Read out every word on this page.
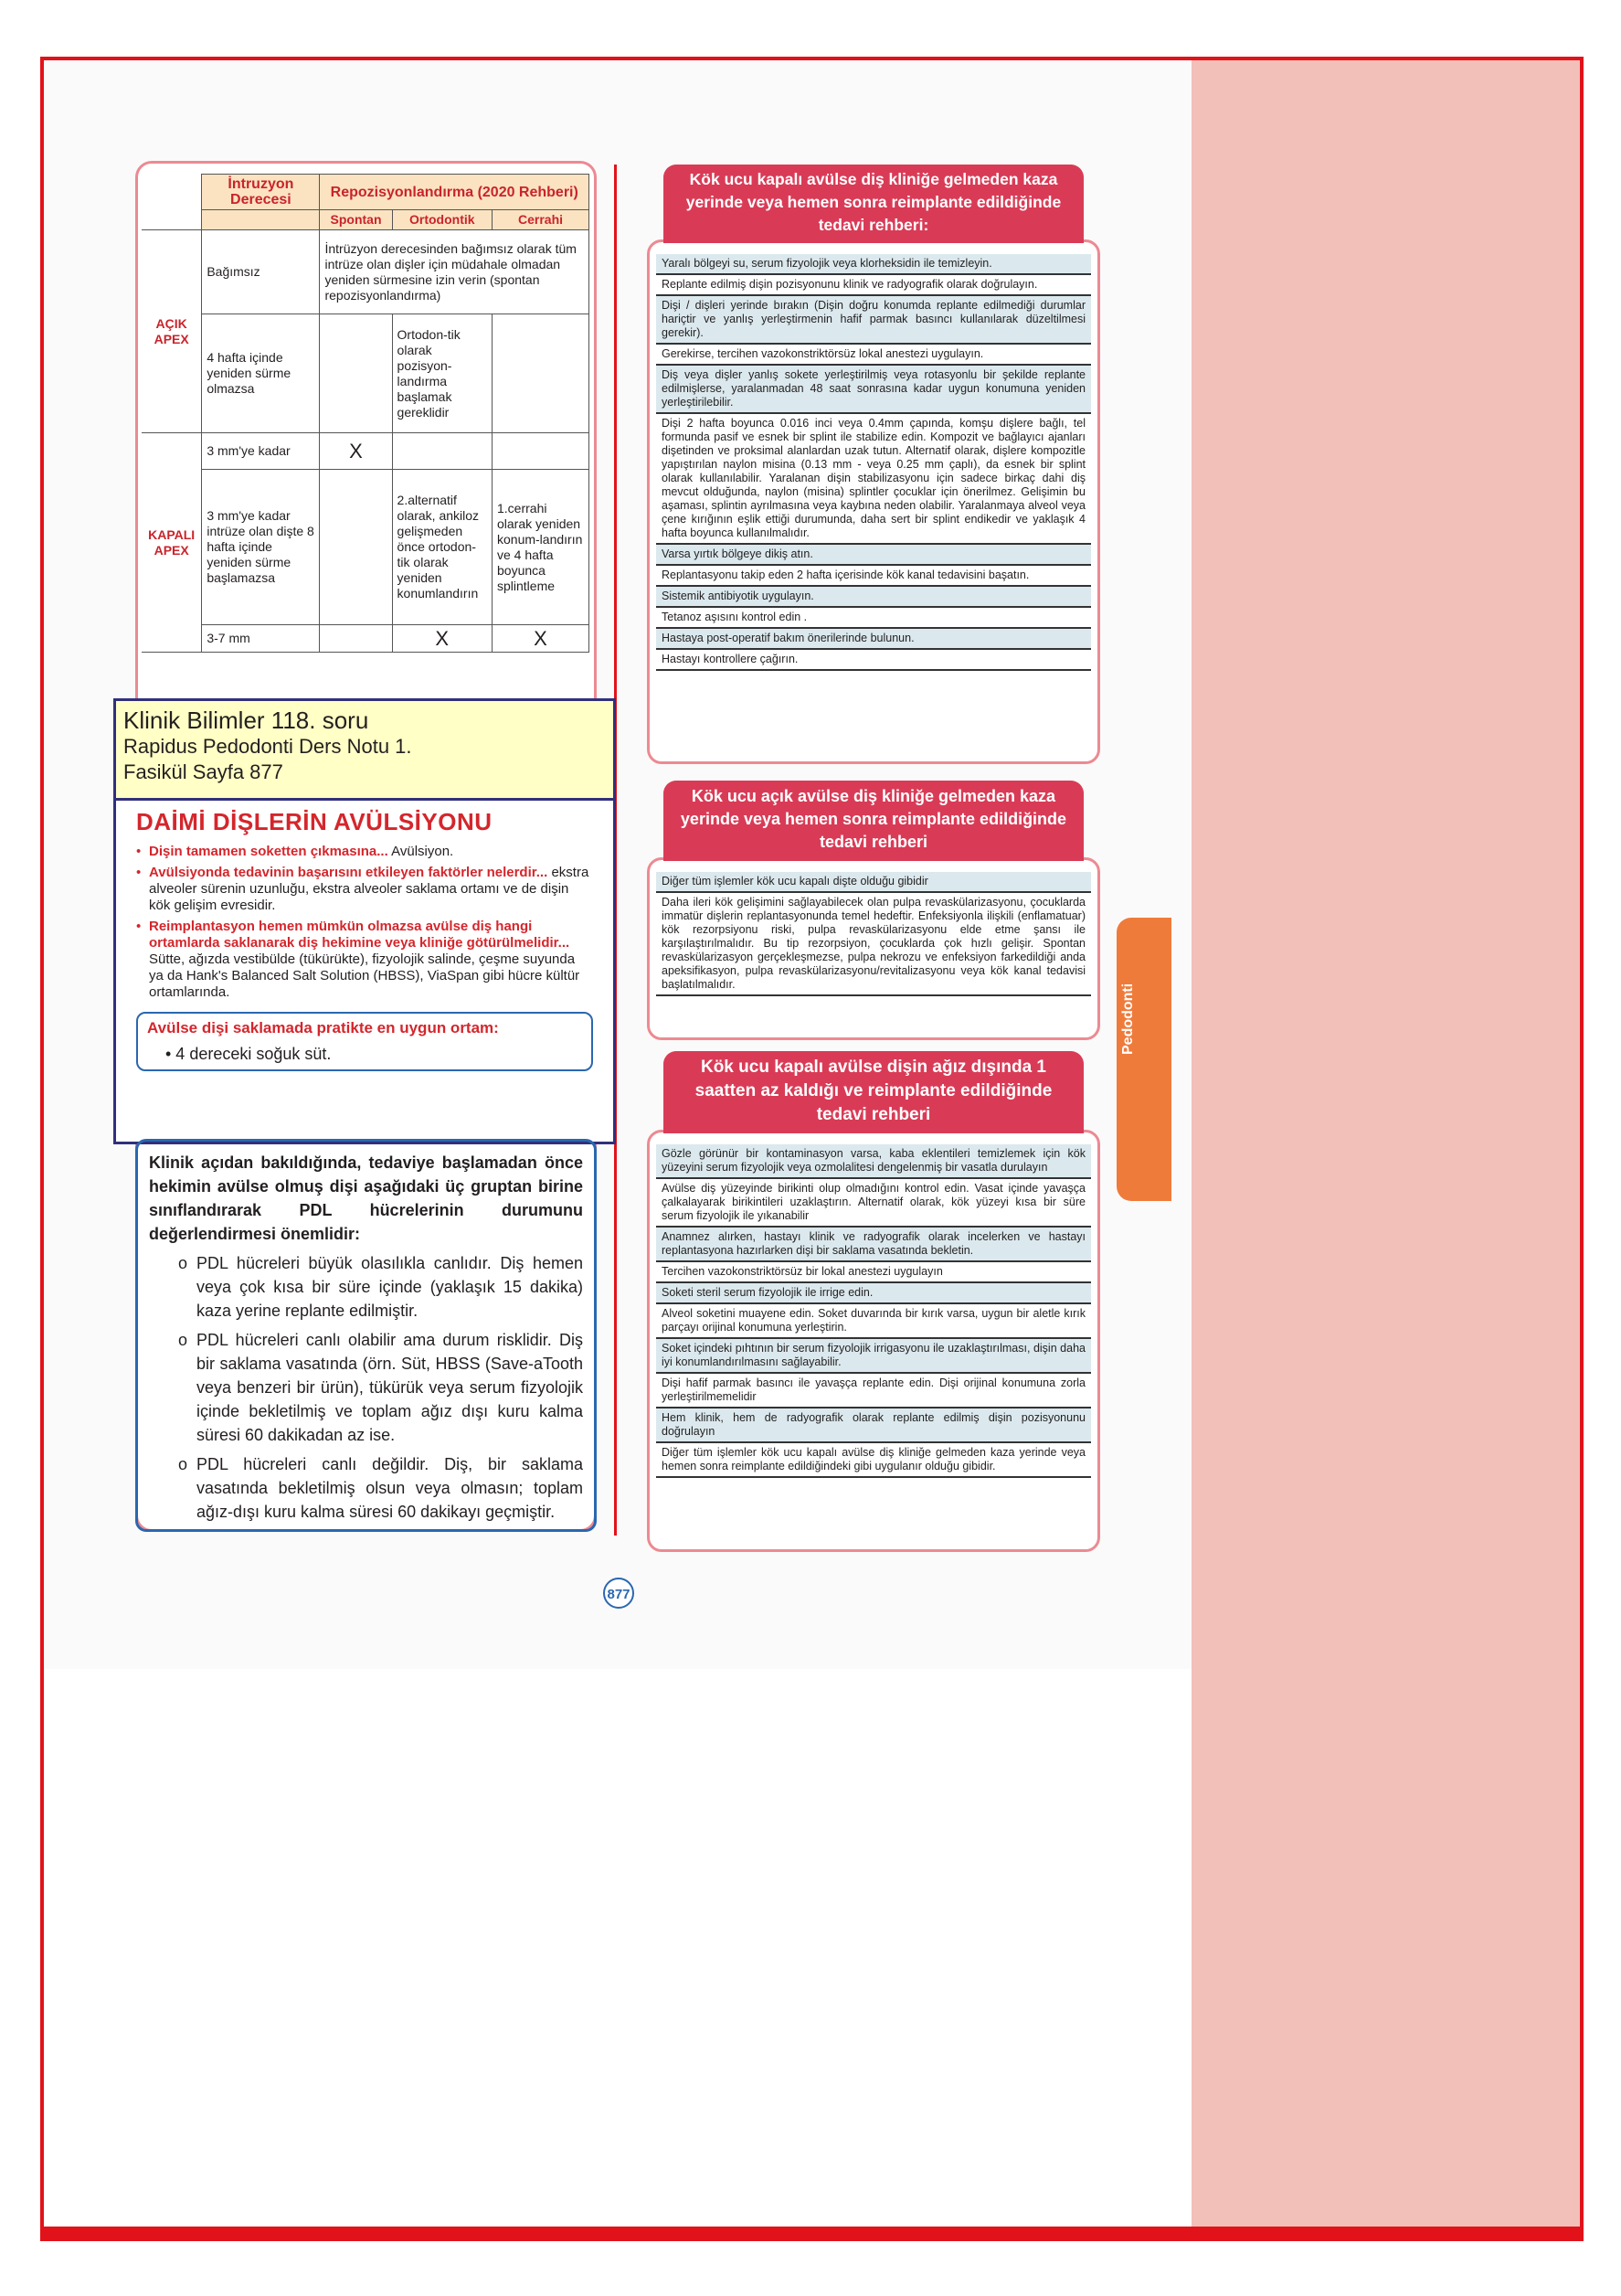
	İntruzyon Derecesi	Repozisyonlandırma (2020 Rehberi)		
		Spontan	Ortodontik	Cerrahi
AÇIK APEX	Bağımsız	İntrüzyon derecesinden bağımsız olarak tüm intrüze olan dişler için müdahale olmadan yeniden sürmesine izin verin (spontan repozisyonlandırma)		
	4 hafta içinde yeniden sürme olmazsa		Ortodon-tik olarak pozisyon-landırma başlamak gereklidir	
KAPALI APEX	3 mm'ye kadar	X		
	3 mm'ye kadar intrüze olan dişte 8 hafta içinde yeniden sürme başlamazsa		2.alternatif olarak, ankiloz gelişmeden önce ortodon-tik olarak yeniden konumlandırın	1.cerrahi olarak yeniden konum-landırın ve 4 hafta boyunca splintleme
	3-7 mm		X	X
Klinik Bilimler 118. soru
Rapidus Pedodonti Ders Notu 1.
Fasikül Sayfa 877
DAİMİ DİŞLERİN AVÜLSİYONU
• Dişin tamamen soketten çıkmasına... Avülsiyon.
• Avülsiyonda tedavinin başarısını etkileyen faktörler nelerdir... ekstra alveoler sürenin uzunluğu, ekstra alveoler saklama ortamı ve de dişin kök gelişim evresidir.
• Reimplantasyon hemen mümkün olmazsa avülse diş hangi ortamlarda saklanarak diş hekimine veya kliniğe götürülmelidir... Sütte, ağızda vestibülde (tükürükte), fizyolojik salinde, çeşme suyunda ya da Hank's Balanced Salt Solution (HBSS), ViaSpan gibi hücre kültür ortamlarında.
Avülse dişi saklamada pratikte en uygun ortam:
• 4 dereceki soğuk süt.
Klinik açıdan bakıldığında, tedaviye başlamadan önce hekimin avülse olmuş dişi aşağıdaki üç gruptan birine sınıflandırarak PDL hücrelerinin durumunu değerlendirmesi önemlidir:
o PDL hücreleri büyük olasılıkla canlıdır. Diş hemen veya çok kısa bir süre içinde (yaklaşık 15 dakika) kaza yerine replante edilmiştir.
o PDL hücreleri canlı olabilir ama durum risklidir. Diş bir saklama vasatında (örn. Süt, HBSS (Save-aTooth veya benzeri bir ürün), tükürük veya serum fizyolojik içinde bekletilmiş ve toplam ağız dışı kuru kalma süresi 60 dakikadan az ise.
o PDL hücreleri canlı değildir. Diş, bir saklama vasatında bekletilmiş olsun veya olmasın; toplam ağız-dışı kuru kalma süresi 60 dakikayı geçmiştir.
Kök ucu kapalı avülse diş kliniğe gelmeden kaza yerinde veya hemen sonra reimplante edildiğinde tedavi rehberi:
Yaralı bölgeyi su, serum fizyolojik veya klorheksidin ile temizleyin.
Replante edilmiş dişin pozisyonunu klinik ve radyografik olarak doğrulayın.
Dişi / dişleri yerinde bırakın (Dişin doğru konumda replante edilmediği durumlar hariçtir ve yanlış yerleştirmenin hafif parmak basıncı kullanılarak düzeltilmesi gerekir).
Gerekirse, tercihen vazokonstriktörsüz lokal anestezi uygulayın.
Diş veya dişler yanlış sokete yerleştirilmiş veya rotasyonlu bir şekilde replante edilmişlerse, yaralanmadan 48 saat sonrasına kadar uygun konumuna yeniden yerleştirilebilir.
Dişi 2 hafta boyunca 0.016 inci veya 0.4mm çapında, komşu dişlere bağlı, tel formunda pasif ve esnek bir splint ile stabilize edin. Kompozit ve bağlayıcı ajanları dişetinden ve proksimal alanlardan uzak tutun. Alternatif olarak, dişlere kompozitle yapıştırılan naylon misina (0.13 mm - veya 0.25 mm çaplı), da esnek bir splint olarak kullanılabilir. Yaralanan dişin stabilizasyonu için sadece birkaç dahi diş mevcut olduğunda, naylon (misina) splintler çocuklar için önerilmez. Gelişimin bu aşaması, splintin ayrılmasına veya kaybına neden olabilir. Yaralanmaya alveol veya çene kırığının eşlik ettiği durumunda, daha sert bir splint endikedir ve yaklaşık 4 hafta boyunca kullanılmalıdır.
Varsa yırtık bölgeye dikiş atın.
Replantasyonu takip eden 2 hafta içerisinde kök kanal tedavisini başatın.
Sistemik antibiyotik uygulayın.
Tetanoz aşısını kontrol edin .
Hastaya post-operatif bakım önerilerinde bulunun.
Hastayı kontrollere çağırın.
Kök ucu açık avülse diş kliniğe gelmeden kaza yerinde veya hemen sonra reimplante edildiğinde tedavi rehberi
Diğer tüm işlemler kök ucu kapalı dişte olduğu gibidir
Daha ileri kök gelişimini sağlayabilecek olan pulpa revaskülarizasyonu, çocuklarda immatür dişlerin replantasyonunda temel hedeftir. Enfeksiyonla ilişkili (enflamatuar) kök rezorpsiyonu riski, pulpa revaskülarizasyonu elde etme şansı ile karşılaştırılmalıdır. Bu tip rezorpsiyon, çocuklarda çok hızlı gelişir. Spontan revaskülarizasyon gerçekleşmezse, pulpa nekrozu ve enfeksiyon farkedildiği anda apeksifikasyon, pulpa revaskülarizasyonu/revitalizasyonu veya kök kanal tedavisi başlatılmalıdır.
Kök ucu kapalı avülse dişin ağız dışında 1 saatten az kaldığı ve reimplante edildiğinde tedavi rehberi
Gözle görünür bir kontaminasyon varsa, kaba eklentileri temizlemek için kök yüzeyini serum fizyolojik veya ozmolalitesi dengelenmiş bir vasatla durulayın
Avülse diş yüzeyinde birikinti olup olmadığını kontrol edin. Vasat içinde yavaşça çalkalayarak birikintileri uzaklaştırın. Alternatif olarak, kök yüzeyi kısa bir süre serum fizyolojik ile yıkanabilir
Anamnez alırken, hastayı klinik ve radyografik olarak incelerken ve hastayı replantasyona hazırlarken dişi bir saklama vasatında bekletin.
Tercihen vazokonstriktörsüz bir lokal anestezi uygulayın
Soketi steril serum fizyolojik ile irrige edin.
Alveol soketini muayene edin. Soket duvarında bir kırık varsa, uygun bir aletle kırık parçayı orijinal konumuna yerleştirin.
Soket içindeki pıhtının bir serum fizyolojik irrigasyonu ile uzaklaştırılması, dişin daha iyi konumlandırılmasını sağlayabilir.
Dişi hafif parmak basıncı ile yavaşça replante edin. Dişi orijinal konumuna zorla yerleştirilmemelidir
Hem klinik, hem de radyografik olarak replante edilmiş dişin pozisyonunu doğrulayın
Diğer tüm işlemler kök ucu kapalı avülse diş kliniğe gelmeden kaza yerinde veya hemen sonra reimplante edildiğindeki gibi uygulanır olduğu gibidir.
877
Pedodonti
